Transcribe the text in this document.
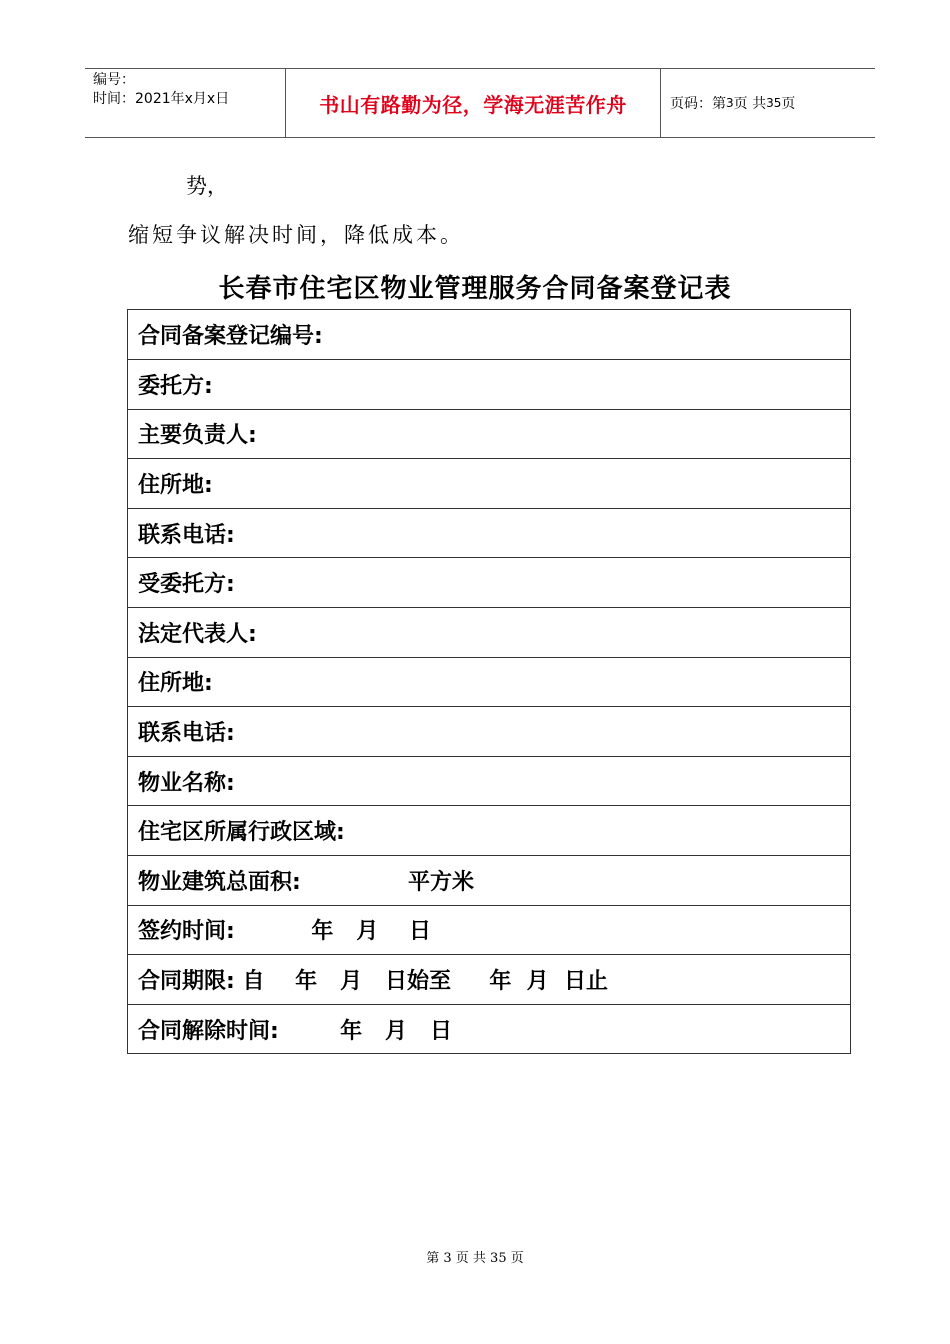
编号：
时间：2021年x月x日	书山有路勤为径，学海无涯苦作舟	页码： 第 3 页 共 35 页
势，
缩短争议解决时间，降低成本。
长春市住宅区物业管理服务合同备案登记表
合同备案登记编号:
委托方:
主要负责人:
住所地:
联系电话:
受委托方:
法定代表人:
住所地:
联系电话:
物业名称:
住宅区所属行政区域:
物业建筑总面积:              平方米
签约时间:          年   月    日
合同期限: 自    年   月   日始至     年  月  日止
合同解除时间:        年   月   日
第 3 页 共 35 页
